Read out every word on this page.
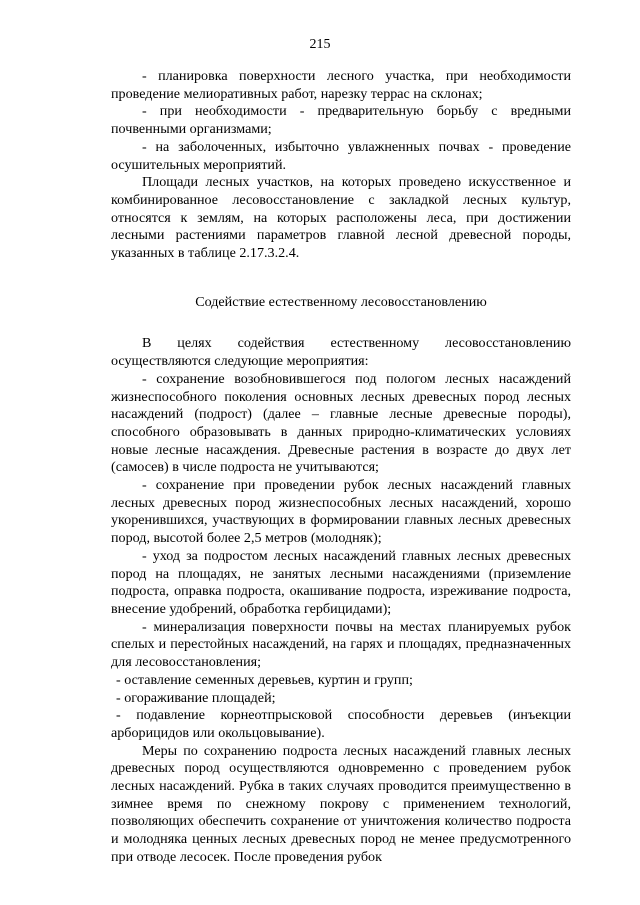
215

- планировка поверхности лесного участка, при необходимости проведение мелиоративных работ, нарезку террас на склонах;

- при необходимости - предварительную борьбу с вредными почвенными организмами;

- на заболоченных, избыточно увлажненных почвах - проведение осушительных мероприятий.

Площади лесных участков, на которых проведено искусственное и комбинированное лесовосстановление с закладкой лесных культур, относятся к землям, на которых расположены леса, при достижении лесными растениями параметров главной лесной древесной породы, указанных в таблице 2.17.3.2.4.

Содействие естественному лесовосстановлению

В целях содействия естественному лесовосстановлению осуществляются следующие мероприятия:

- сохранение возобновившегося под пологом лесных насаждений жизнеспособного поколения основных лесных древесных пород лесных насаждений (подрост) (далее – главные лесные древесные породы), способного образовывать в данных природно-климатических условиях новые лесные насаждения. Древесные растения в возрасте до двух лет (самосев) в числе подроста не учитываются;

- сохранение при проведении рубок лесных насаждений главных лесных древесных пород жизнеспособных лесных насаждений, хорошо укоренившихся, участвующих в формировании главных лесных древесных пород, высотой более 2,5 метров (молодняк);

- уход за подростом лесных насаждений главных лесных древесных пород на площадях, не занятых лесными насаждениями (приземление подроста, оправка подроста, окашивание подроста, изреживание подроста, внесение удобрений, обработка гербицидами);

- минерализация поверхности почвы на местах планируемых рубок спелых и перестойных насаждений, на гарях и площадях, предназначенных для лесовосстановления;

- оставление семенных деревьев, куртин и групп;

- огораживание площадей;

- подавление корнеотпрысковой способности деревьев (инъекции арборицидов или окольцовывание).

Меры по сохранению подроста лесных насаждений главных лесных древесных пород осуществляются одновременно с проведением рубок лесных насаждений. Рубка в таких случаях проводится преимущественно в зимнее время по снежному покрову с применением технологий, позволяющих обеспечить сохранение от уничтожения количество подроста и молодняка ценных лесных древесных пород не менее предусмотренного при отводе лесосек. После проведения рубок
